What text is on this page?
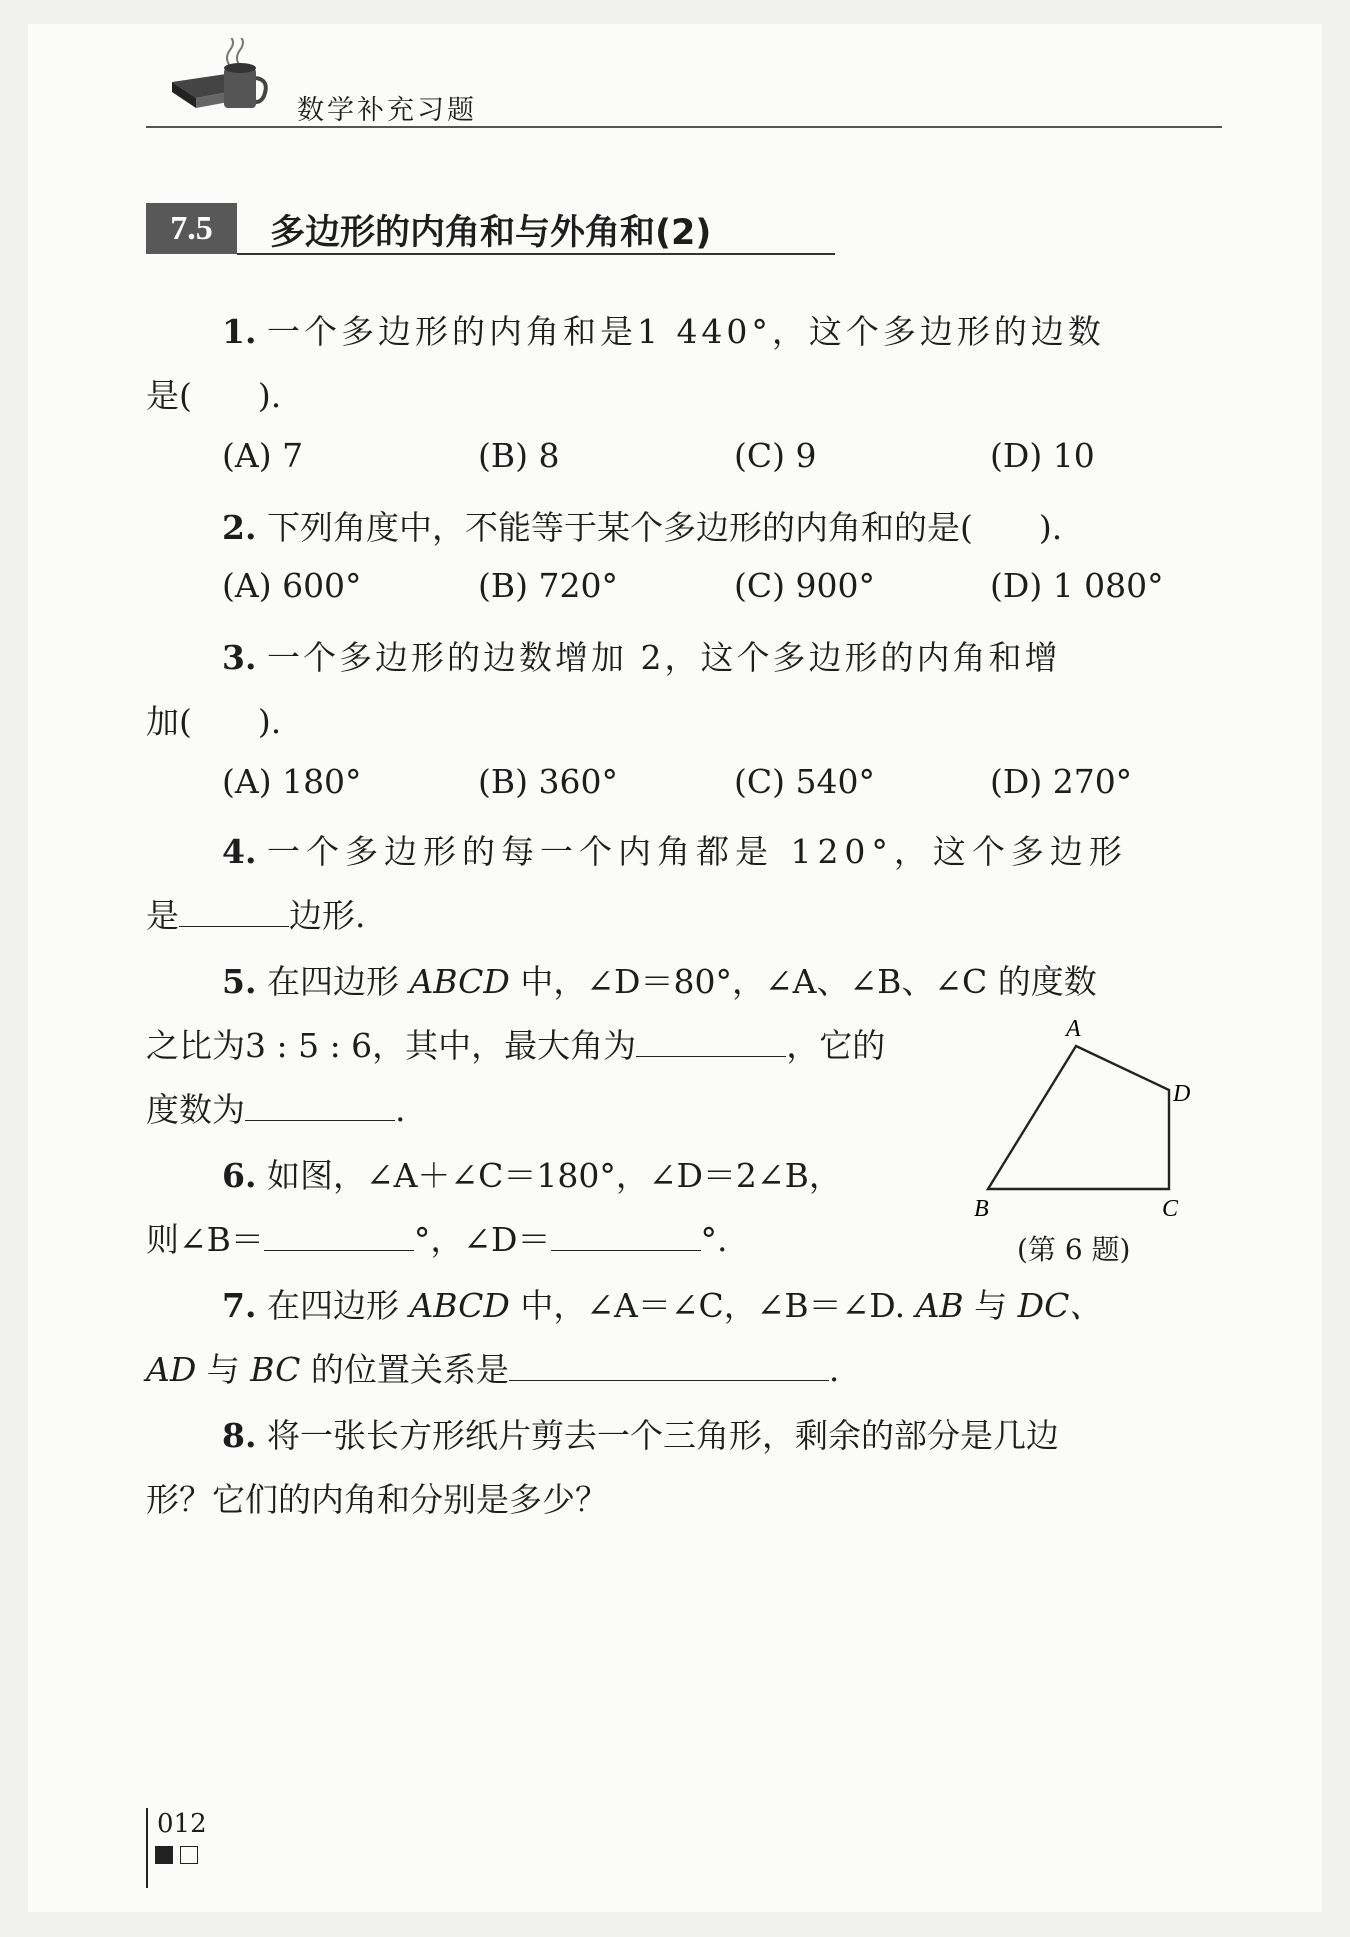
数学补充习题
7.5	多边形的内角和与外角和(2)
1. 一个多边形的内角和是1 440°，这个多边形的边数
是(　　).
(A) 7	(B) 8	(C) 9	(D) 10
2. 下列角度中，不能等于某个多边形的内角和的是(　　).
(A) 600°	(B) 720°	(C) 900°	(D) 1 080°
3. 一个多边形的边数增加 2，这个多边形的内角和增
加(　　).
(A) 180°	(B) 360°	(C) 540°	(D) 270°
4. 一个多边形的每一个内角都是 120°，这个多边形
是	边形.
5. 在四边形 ABCD 中，∠D＝80°，∠A、∠B、∠C 的度数
之比为3 : 5 : 6，其中，最大角为	，它的
度数为	.
A
D
B	C
(第 6 题)
6. 如图，∠A＋∠C＝180°，∠D＝2∠B，
则∠B＝	°，∠D＝	°.
7. 在四边形 ABCD 中，∠A＝∠C，∠B＝∠D. AB 与 DC、
AD 与 BC 的位置关系是	.
8. 将一张长方形纸片剪去一个三角形，剩余的部分是几边
形？它们的内角和分别是多少？
012
